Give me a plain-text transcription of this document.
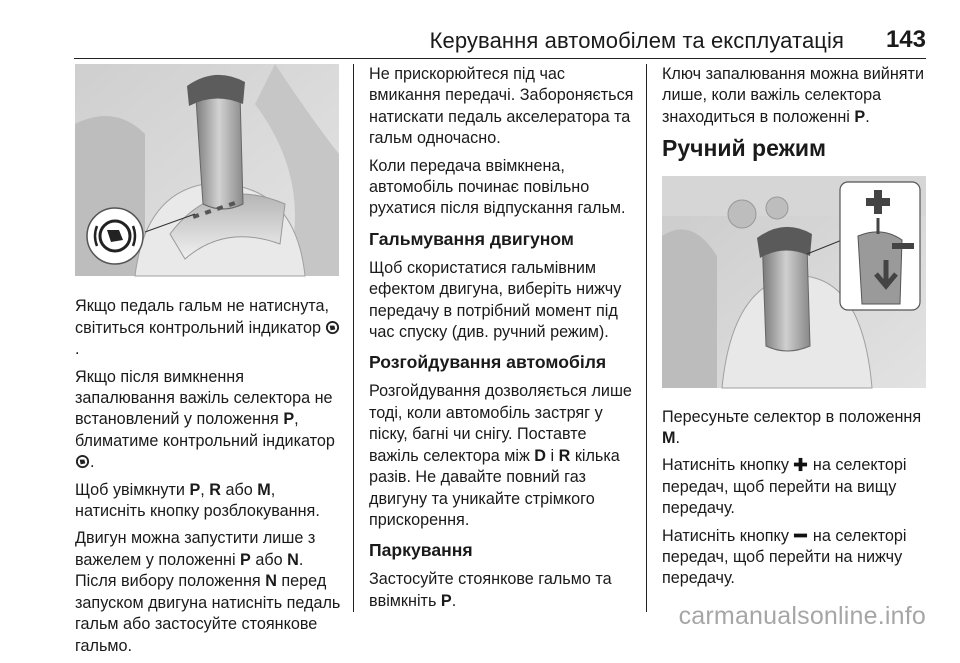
Керування автомобілем та експлуатація 143

Якщо педаль гальм не натиснута, світиться контрольний індикатор .

Якщо після вимкнення запалювання важіль селектора не встановлений у положення P, блиматиме контрольний індикатор .

Щоб увімкнути P, R або M, натисніть кнопку розблокування.

Двигун можна запустити лише з важелем у положенні P або N. Після вибору положення N перед запуском двигуна натисніть педаль гальм або застосуйте стоянкове гальмо.

Не прискорюйтеся під час вмикання передачі. Забороняється натискати педаль акселератора та гальм одночасно.

Коли передача ввімкнена, автомобіль починає повільно рухатися після відпускання гальм.

Гальмування двигуном

Щоб скористатися гальмівним ефектом двигуна, виберіть нижчу передачу в потрібний момент під час спуску (див. ручний режим).

Розгойдування автомобіля

Розгойдування дозволяється лише тоді, коли автомобіль застряг у піску, багні чи снігу. Поставте важіль селектора між D і R кілька разів. Не давайте повний газ двигуну та уникайте стрімкого прискорення.

Паркування

Застосуйте стоянкове гальмо та ввімкніть P.

Ключ запалювання можна вийняти лише, коли важіль селектора знаходиться в положенні P.

Ручний режим

Пересуньте селектор в положення M.

Натисніть кнопку на селекторі передач, щоб перейти на вищу передачу.

Натисніть кнопку на селекторі передач, щоб перейти на нижчу передачу.

carmanualsonline.info
